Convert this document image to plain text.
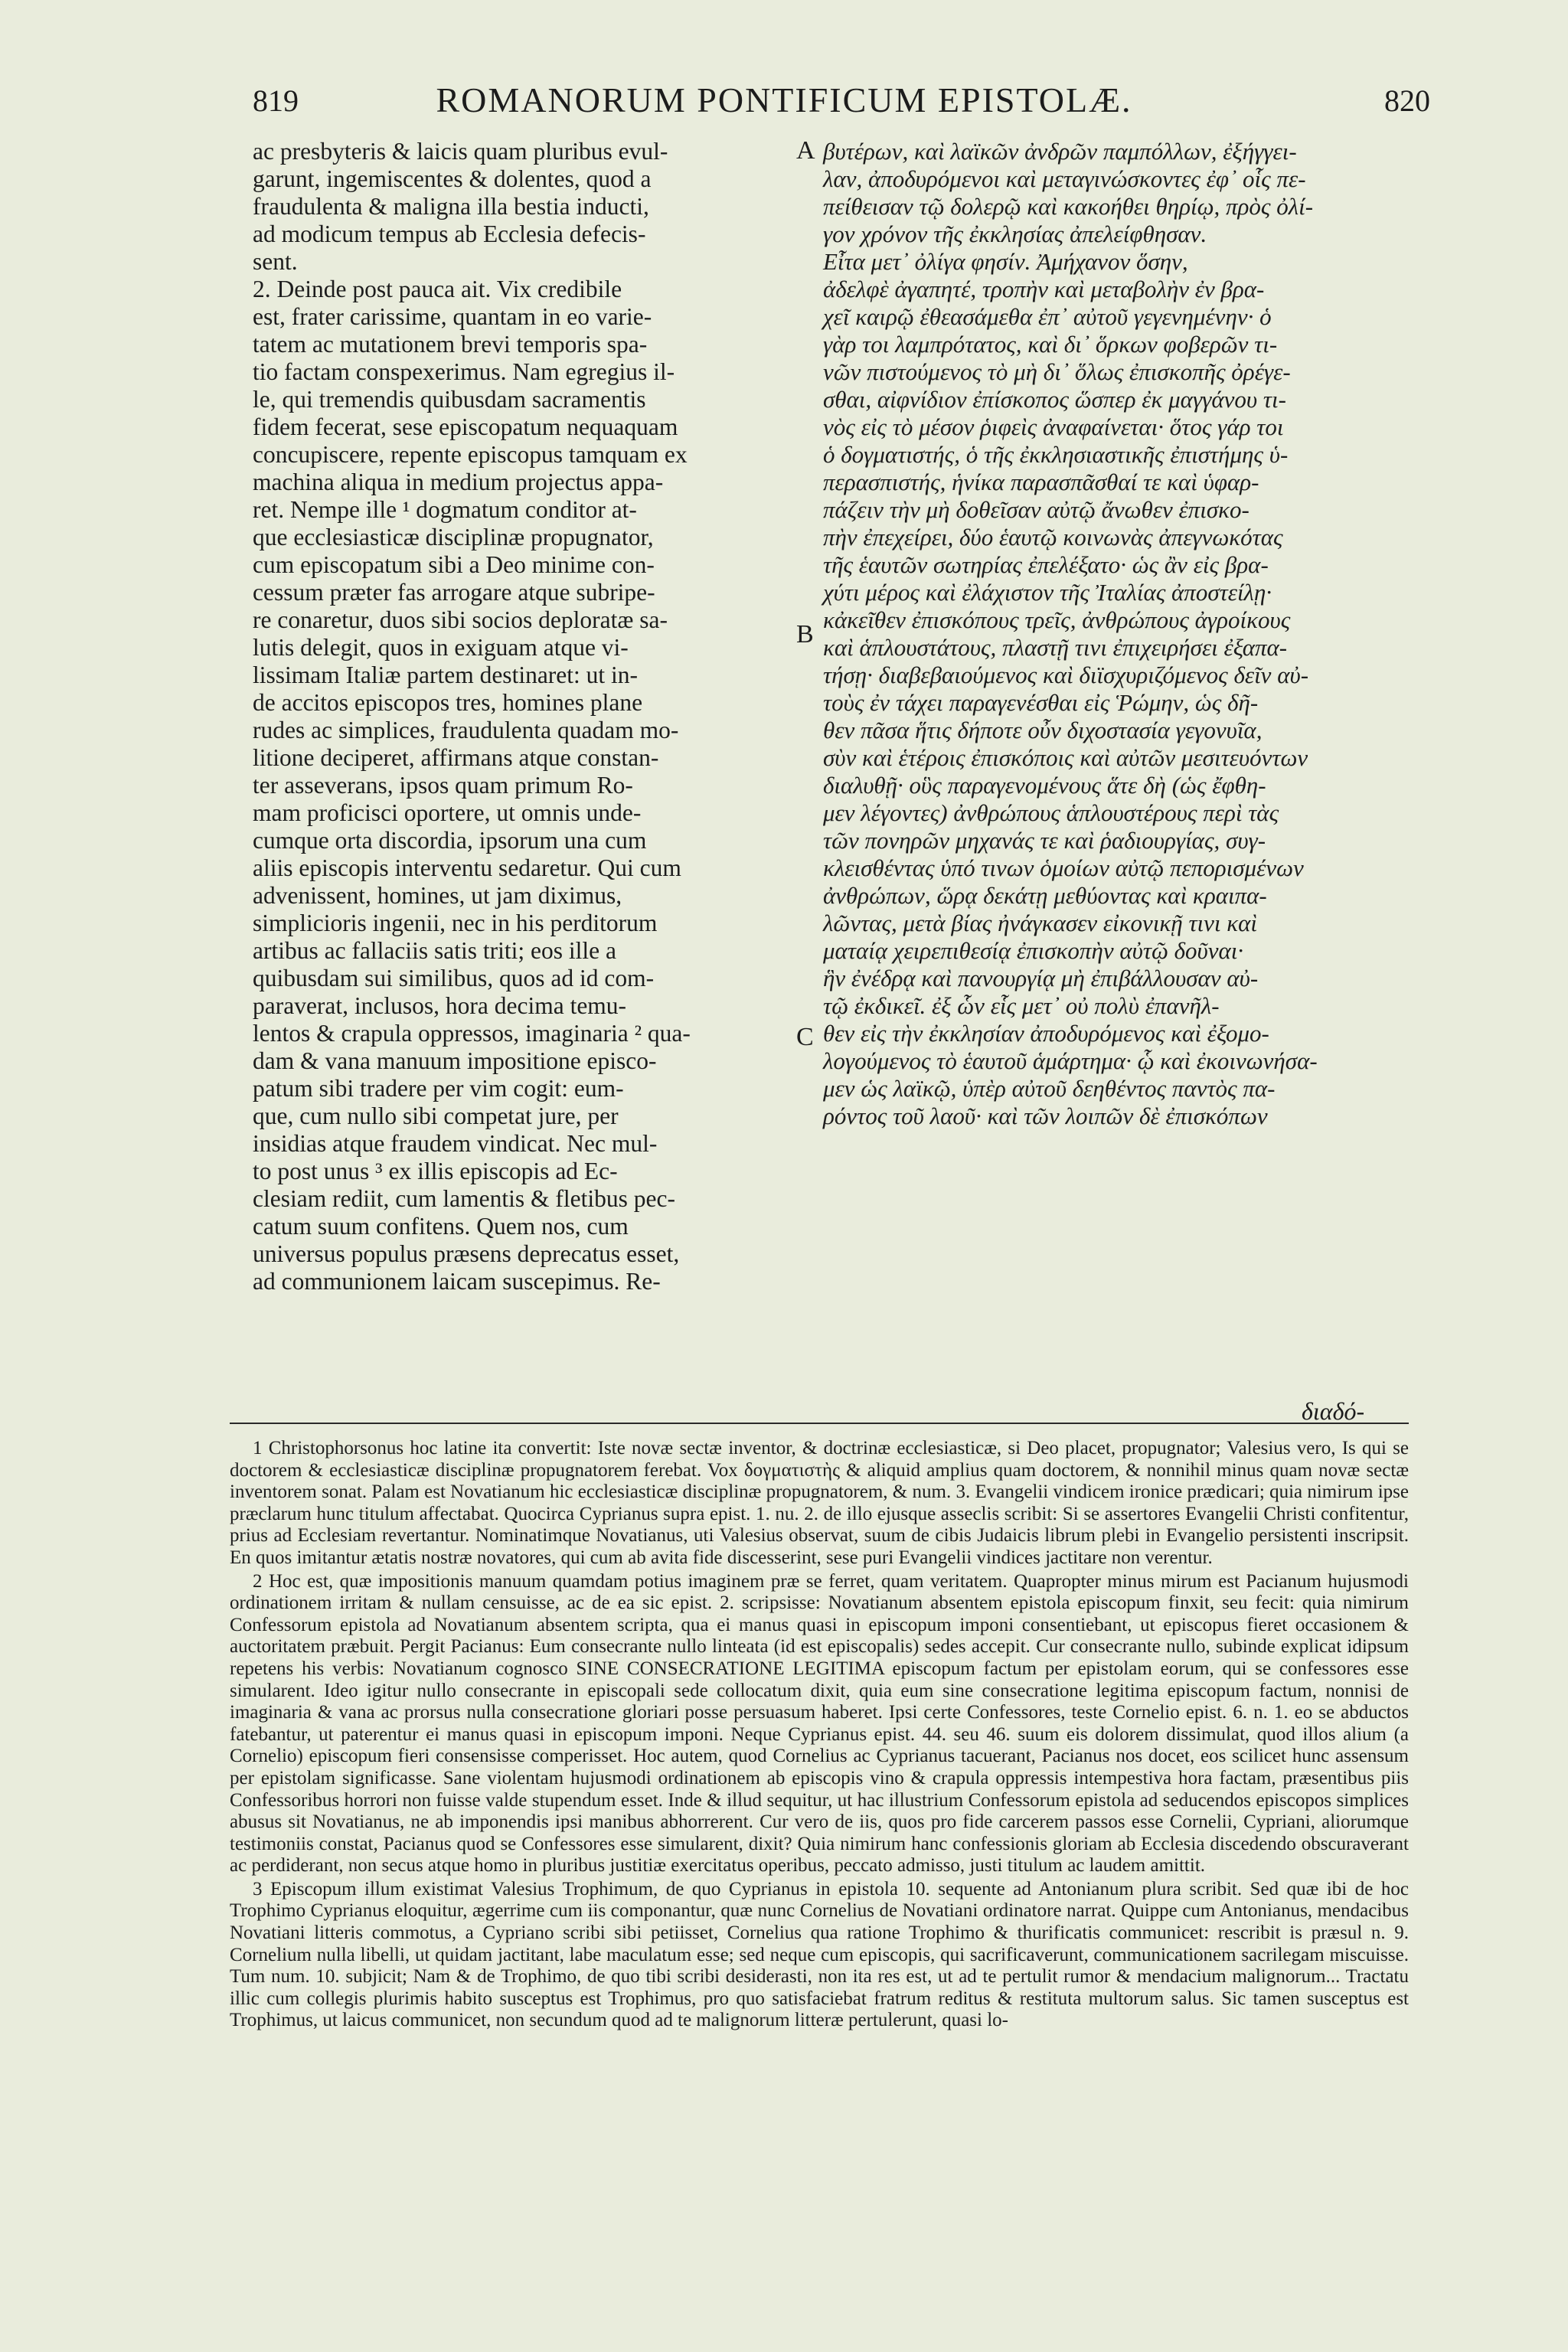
819	ROMANORUM PONTIFICUM EPISTOLÆ.	820
ac presbyteris & laicis quam pluribus evul-
garunt, ingemiscentes & dolentes, quod a
fraudulenta & maligna illa bestia inducti,
ad modicum tempus ab Ecclesia defecis-
sent.
2. Deinde post pauca ait. Vix credibile
est, frater carissime, quantam in eo varie-
tatem ac mutationem brevi temporis spa-
tio factam conspexerimus. Nam egregius il-
le, qui tremendis quibusdam sacramentis
fidem fecerat, sese episcopatum nequaquam
concupiscere, repente episcopus tamquam ex
machina aliqua in medium projectus appa-
ret. Nempe ille ¹ dogmatum conditor at-
que ecclesiasticæ disciplinæ propugnator,
cum episcopatum sibi a Deo minime con-
cessum præter fas arrogare atque subripe-
re conaretur, duos sibi socios deploratæ sa-
lutis delegit, quos in exiguam atque vi-
lissimam Italiæ partem destinaret: ut in-
de accitos episcopos tres, homines plane
rudes ac simplices, fraudulenta quadam mo-
litione deciperet, affirmans atque constan-
ter asseverans, ipsos quam primum Ro-
mam proficisci oportere, ut omnis unde-
cumque orta discordia, ipsorum una cum
aliis episcopis interventu sedaretur. Qui cum
advenissent, homines, ut jam diximus,
simplicioris ingenii, nec in his perditorum
artibus ac fallaciis satis triti; eos ille a
quibusdam sui similibus, quos ad id com-
paraverat, inclusos, hora decima temu-
lentos & crapula oppressos, imaginaria ² qua-
dam & vana manuum impositione episco-
patum sibi tradere per vim cogit: eum-
que, cum nullo sibi competat jure, per
insidias atque fraudem vindicat. Nec mul-
to post unus ³ ex illis episcopis ad Ec-
clesiam rediit, cum lamentis & fletibus pec-
catum suum confitens. Quem nos, cum
universus populus præsens deprecatus esset,
ad communionem laicam suscepimus. Re-
A
B
C
βυτέρων, καὶ λαϊκῶν ἀνδρῶν παμπόλλων, ἐξήγγει-
λαν, ἀποδυρόμενοι καὶ μεταγινώσκοντες ἐφ᾽ οἷς πε-
πείθεισαν τῷ δολερῷ καὶ κακοήθει θηρίῳ, πρὸς ὀλί-
γον χρόνον τῆς ἐκκλησίας ἀπελείφθησαν.
Εἶτα μετ᾽ ὀλίγα φησίν. Ἀμήχανον ὅσην,
ἀδελφὲ ἀγαπητέ, τροπὴν καὶ μεταβολὴν ἐν βρα-
χεῖ καιρῷ ἐθεασάμεθα ἐπ᾽ αὐτοῦ γεγενημένην· ὁ
γὰρ τοι λαμπρότατος, καὶ δι᾽ ὅρκων φοβερῶν τι-
νῶν πιστούμενος τὸ μὴ δι᾽ ὅλως ἐπισκοπῆς ὀρέγε-
σθαι, αἰφνίδιον ἐπίσκοπος ὥσπερ ἐκ μαγγάνου τι-
νὸς εἰς τὸ μέσον ῥιφεὶς ἀναφαίνεται· ὅτος γάρ τοι
ὁ δογματιστής, ὁ τῆς ἐκκλησιαστικῆς ἐπιστήμης ὑ-
περασπιστής, ἡνίκα παρασπᾶσθαί τε καὶ ὑφαρ-
πάζειν τὴν μὴ δοθεῖσαν αὐτῷ ἄνωθεν ἐπισκο-
πὴν ἐπεχείρει, δύο ἑαυτῷ κοινωνὰς ἀπεγνωκότας
τῆς ἑαυτῶν σωτηρίας ἐπελέξατο· ὡς ἂν εἰς βρα-
χύτι μέρος καὶ ἐλάχιστον τῆς Ἰταλίας ἀποστείλῃ·
κἀκεῖθεν ἐπισκόπους τρεῖς, ἀνθρώπους ἀγροίκους
καὶ ἁπλουστάτους, πλαστῇ τινι ἐπιχειρήσει ἐξαπα-
τήσῃ· διαβεβαιούμενος καὶ διϊσχυριζόμενος δεῖν αὐ-
τοὺς ἐν τάχει παραγενέσθαι εἰς Ῥώμην, ὡς δῆ-
θεν πᾶσα ἥτις δήποτε οὖν διχοστασία γεγονυῖα,
σὺν καὶ ἑτέροις ἐπισκόποις καὶ αὐτῶν μεσιτευόντων
διαλυθῇ· οὓς παραγενομένους ἅτε δὴ (ὡς ἔφθη-
μεν λέγοντες) ἀνθρώπους ἁπλουστέρους περὶ τὰς
τῶν πονηρῶν μηχανάς τε καὶ ῥαδιουργίας, συγ-
κλεισθέντας ὑπό τινων ὁμοίων αὐτῷ πεπορισμένων
ἀνθρώπων, ὥρᾳ δεκάτῃ μεθύοντας καὶ κραιπα-
λῶντας, μετὰ βίας ἠνάγκασεν εἰκονικῇ τινι καὶ
ματαίᾳ χειρεπιθεσίᾳ ἐπισκοπὴν αὐτῷ δοῦναι·
ἣν ἐνέδρᾳ καὶ πανουργίᾳ μὴ ἐπιβάλλουσαν αὐ-
τῷ ἐκδικεῖ. ἐξ ὧν εἷς μετ᾽ οὐ πολὺ ἐπανῆλ-
θεν εἰς τὴν ἐκκλησίαν ἀποδυρόμενος καὶ ἐξομο-
λογούμενος τὸ ἑαυτοῦ ἁμάρτημα· ᾧ καὶ ἐκοινωνήσα-
μεν ὡς λαϊκῷ, ὑπὲρ αὐτοῦ δεηθέντος παντὸς πα-
ρόντος τοῦ λαοῦ· καὶ τῶν λοιπῶν δὲ ἐπισκόπων
διαδό-

1 Christophorsonus hoc latine ita convertit: Iste novæ sectæ inventor, & doctrinæ ecclesiasticæ, si Deo placet, propugnator; Valesius vero, Is qui se doctorem & ecclesiasticæ disciplinæ propugnatorem ferebat. Vox δογματιστὴς & aliquid amplius quam doctorem, & nonnihil minus quam novæ sectæ inventorem sonat. Palam est Novatianum hic ecclesiasticæ disciplinæ propugnatorem, & num. 3. Evangelii vindicem ironice prædicari; quia nimirum ipse præclarum hunc titulum affectabat. Quocirca Cyprianus supra epist. 1. nu. 2. de illo ejusque asseclis scribit: Si se assertores Evangelii Christi confitentur, prius ad Ecclesiam revertantur. Nominatimque Novatianus, uti Valesius observat, suum de cibis Judaicis librum plebi in Evangelio persistenti inscripsit. En quos imitantur ætatis nostræ novatores, qui cum ab avita fide discesserint, sese puri Evangelii vindices jactitare non verentur.

2 Hoc est, quæ impositionis manuum quamdam potius imaginem præ se ferret, quam veritatem. Quapropter minus mirum est Pacianum hujusmodi ordinationem irritam & nullam censuisse, ac de ea sic epist. 2. scripsisse: Novatianum absentem epistola episcopum finxit, seu fecit: quia nimirum Confessorum epistola ad Novatianum absentem scripta, qua ei manus quasi in episcopum imponi consentiebant, ut episcopus fieret occasionem & auctoritatem præbuit. Pergit Pacianus: Eum consecrante nullo linteata (id est episcopalis) sedes accepit. Cur consecrante nullo, subinde explicat idipsum repetens his verbis: Novatianum cognosco SINE CONSECRATIONE LEGITIMA episcopum factum per epistolam eorum, qui se confessores esse simularent. Ideo igitur nullo consecrante in episcopali sede collocatum dixit, quia eum sine consecratione legitima episcopum factum, nonnisi de imaginaria & vana ac prorsus nulla consecratione gloriari posse persuasum haberet. Ipsi certe Confessores, teste Cornelio epist. 6. n. 1. eo se abductos fatebantur, ut paterentur ei manus quasi in episcopum imponi. Neque Cyprianus epist. 44. seu 46. suum eis dolorem dissimulat, quod illos alium (a Cornelio) episcopum fieri consensisse comperisset. Hoc autem, quod Cornelius ac Cyprianus tacuerant, Pacianus nos docet, eos scilicet hunc assensum per epistolam significasse. Sane violentam hujusmodi ordinationem ab episcopis vino & crapula oppressis intempestiva hora factam, præsentibus piis Confessoribus horrori non fuisse valde stupendum esset. Inde & illud sequitur, ut hac illustrium Confessorum epistola ad seducendos episcopos simplices abusus sit Novatianus, ne ab imponendis ipsi manibus abhorrerent. Cur vero de iis, quos pro fide carcerem passos esse Cornelii, Cypriani, aliorumque testimoniis constat, Pacianus quod se Confessores esse simularent, dixit? Quia nimirum hanc confessionis gloriam ab Ecclesia discedendo obscuraverant ac perdiderant, non secus atque homo in pluribus justitiæ exercitatus operibus, peccato admisso, justi titulum ac laudem amittit.

3 Episcopum illum existimat Valesius Trophimum, de quo Cyprianus in epistola 10. sequente ad Antonianum plura scribit. Sed quæ ibi de hoc Trophimo Cyprianus eloquitur, ægerrime cum iis componantur, quæ nunc Cornelius de Novatiani ordinatore narrat. Quippe cum Antonianus, mendacibus Novatiani litteris commotus, a Cypriano scribi sibi petiisset, Cornelius qua ratione Trophimo & thurificatis communicet: rescribit is præsul n. 9. Cornelium nulla libelli, ut quidam jactitant, labe maculatum esse; sed neque cum episcopis, qui sacrificaverunt, communicationem sacrilegam miscuisse. Tum num. 10. subjicit; Nam & de Trophimo, de quo tibi scribi desiderasti, non ita res est, ut ad te pertulit rumor & mendacium malignorum... Tractatu illic cum collegis plurimis habito susceptus est Trophimus, pro quo satisfaciebat fratrum reditus & restituta multorum salus. Sic tamen susceptus est Trophimus, ut laicus communicet, non secundum quod ad te malignorum litteræ pertulerunt, quasi lo-
